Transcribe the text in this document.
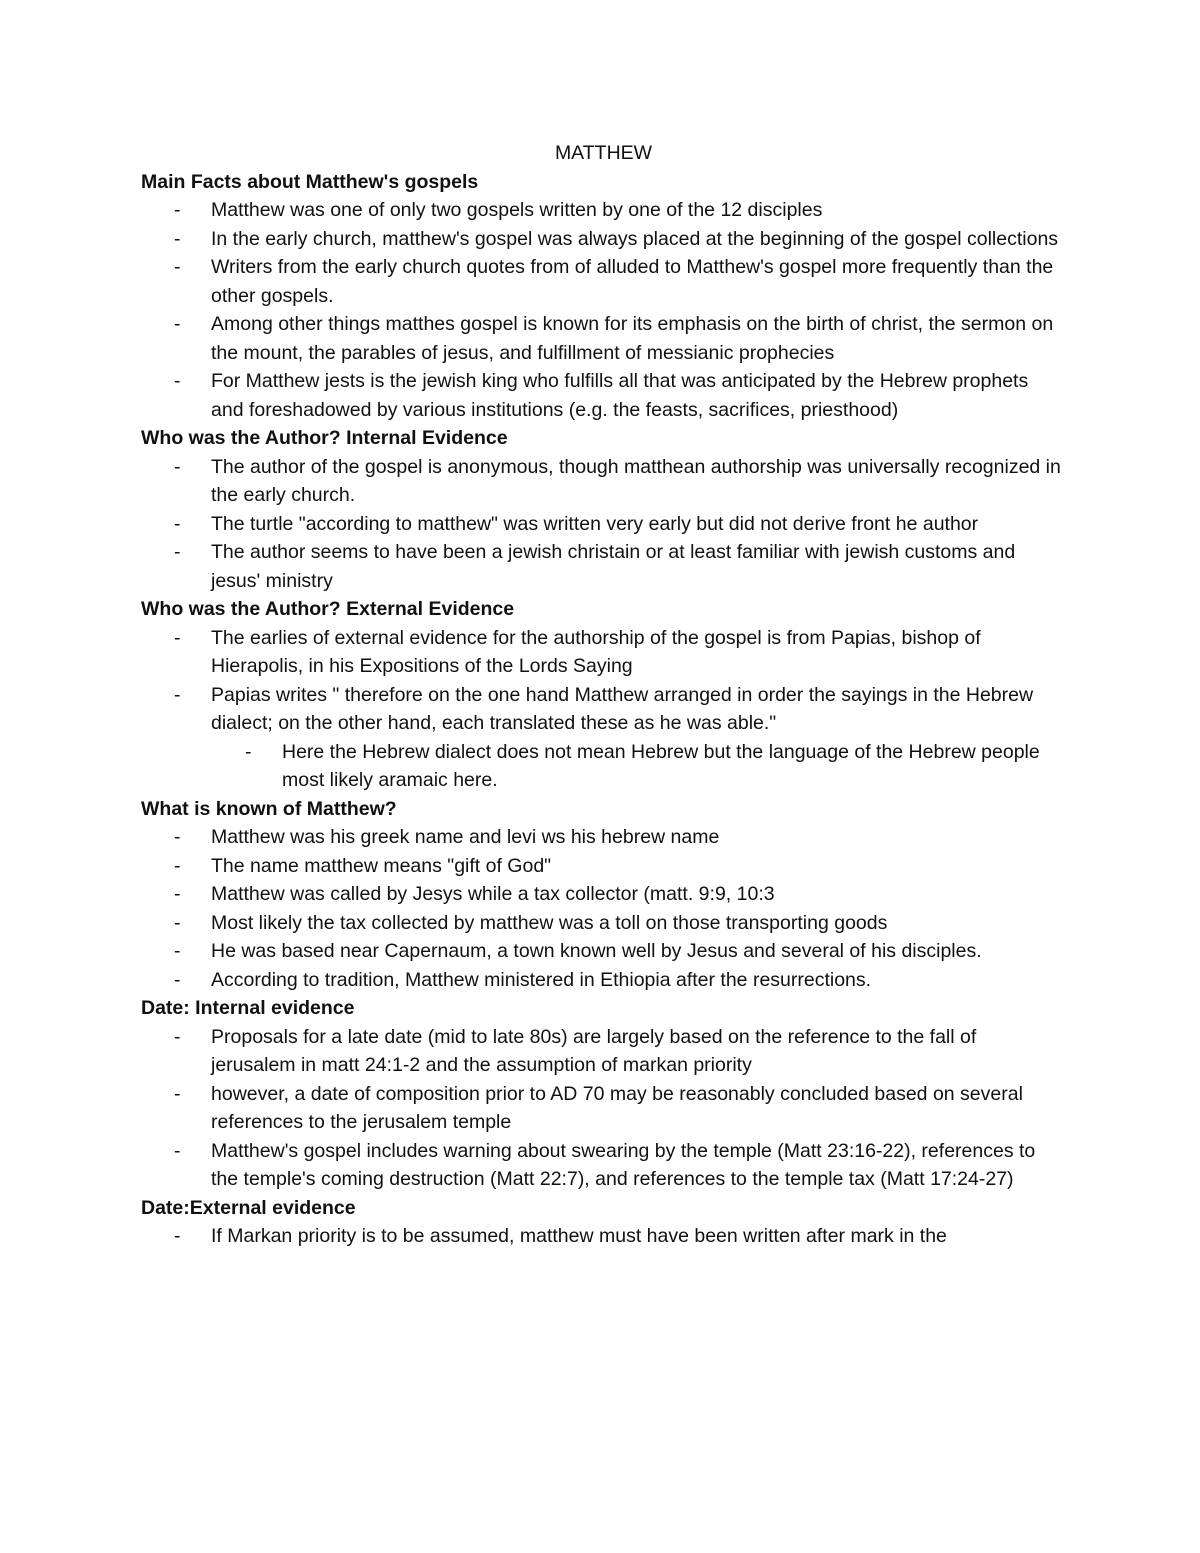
MATTHEW
Main Facts about Matthew's gospels
- Matthew was one of only two gospels written by one of the 12 disciples
- In the early church, matthew's gospel was always placed at the beginning of the gospel collections
- Writers from the early church quotes from of alluded to Matthew's gospel more frequently than the other gospels.
- Among other things matthes gospel is known for its emphasis on the birth of christ, the sermon on the mount, the parables of jesus, and fulfillment of messianic prophecies
- For Matthew jests is the jewish king who fulfills all that was anticipated by the Hebrew prophets and foreshadowed by various institutions (e.g. the feasts, sacrifices, priesthood)
Who was the Author? Internal Evidence
- The author of the gospel is anonymous, though matthean authorship was universally recognized in the early church.
- The turtle "according to matthew" was written very early but did not derive front he author
- The author seems to have been a jewish christain or at least familiar with jewish customs and jesus' ministry
Who was the Author? External Evidence
- The earlies of external evidence for the authorship of the gospel is from Papias, bishop of Hierapolis, in his Expositions of the Lords Saying
- Papias writes " therefore on the one hand Matthew arranged in order the sayings in the Hebrew dialect; on the other hand, each translated these as he was able."
- Here the Hebrew dialect does not mean Hebrew but the language of the Hebrew people most likely aramaic here.
What is known of Matthew?
- Matthew was his greek name and levi ws his hebrew name
- The name matthew means "gift of God"
- Matthew was called by Jesys while a tax collector (matt. 9:9, 10:3
- Most likely the tax collected by matthew was a toll on those transporting goods
- He was based near Capernaum, a town known well by Jesus and several of his disciples.
- According to tradition, Matthew ministered in Ethiopia after the resurrections.
Date: Internal evidence
- Proposals for a late date (mid to late 80s) are largely based on the reference to the fall of jerusalem in matt 24:1-2 and the assumption of markan priority
- however, a date of composition prior to AD 70 may be reasonably concluded based on several references to the jerusalem temple
- Matthew's gospel includes warning about swearing by the temple (Matt 23:16-22), references to the temple's coming destruction (Matt 22:7), and references to the temple tax (Matt 17:24-27)
Date:External evidence
- If Markan priority is to be assumed, matthew must have been written after mark in the
